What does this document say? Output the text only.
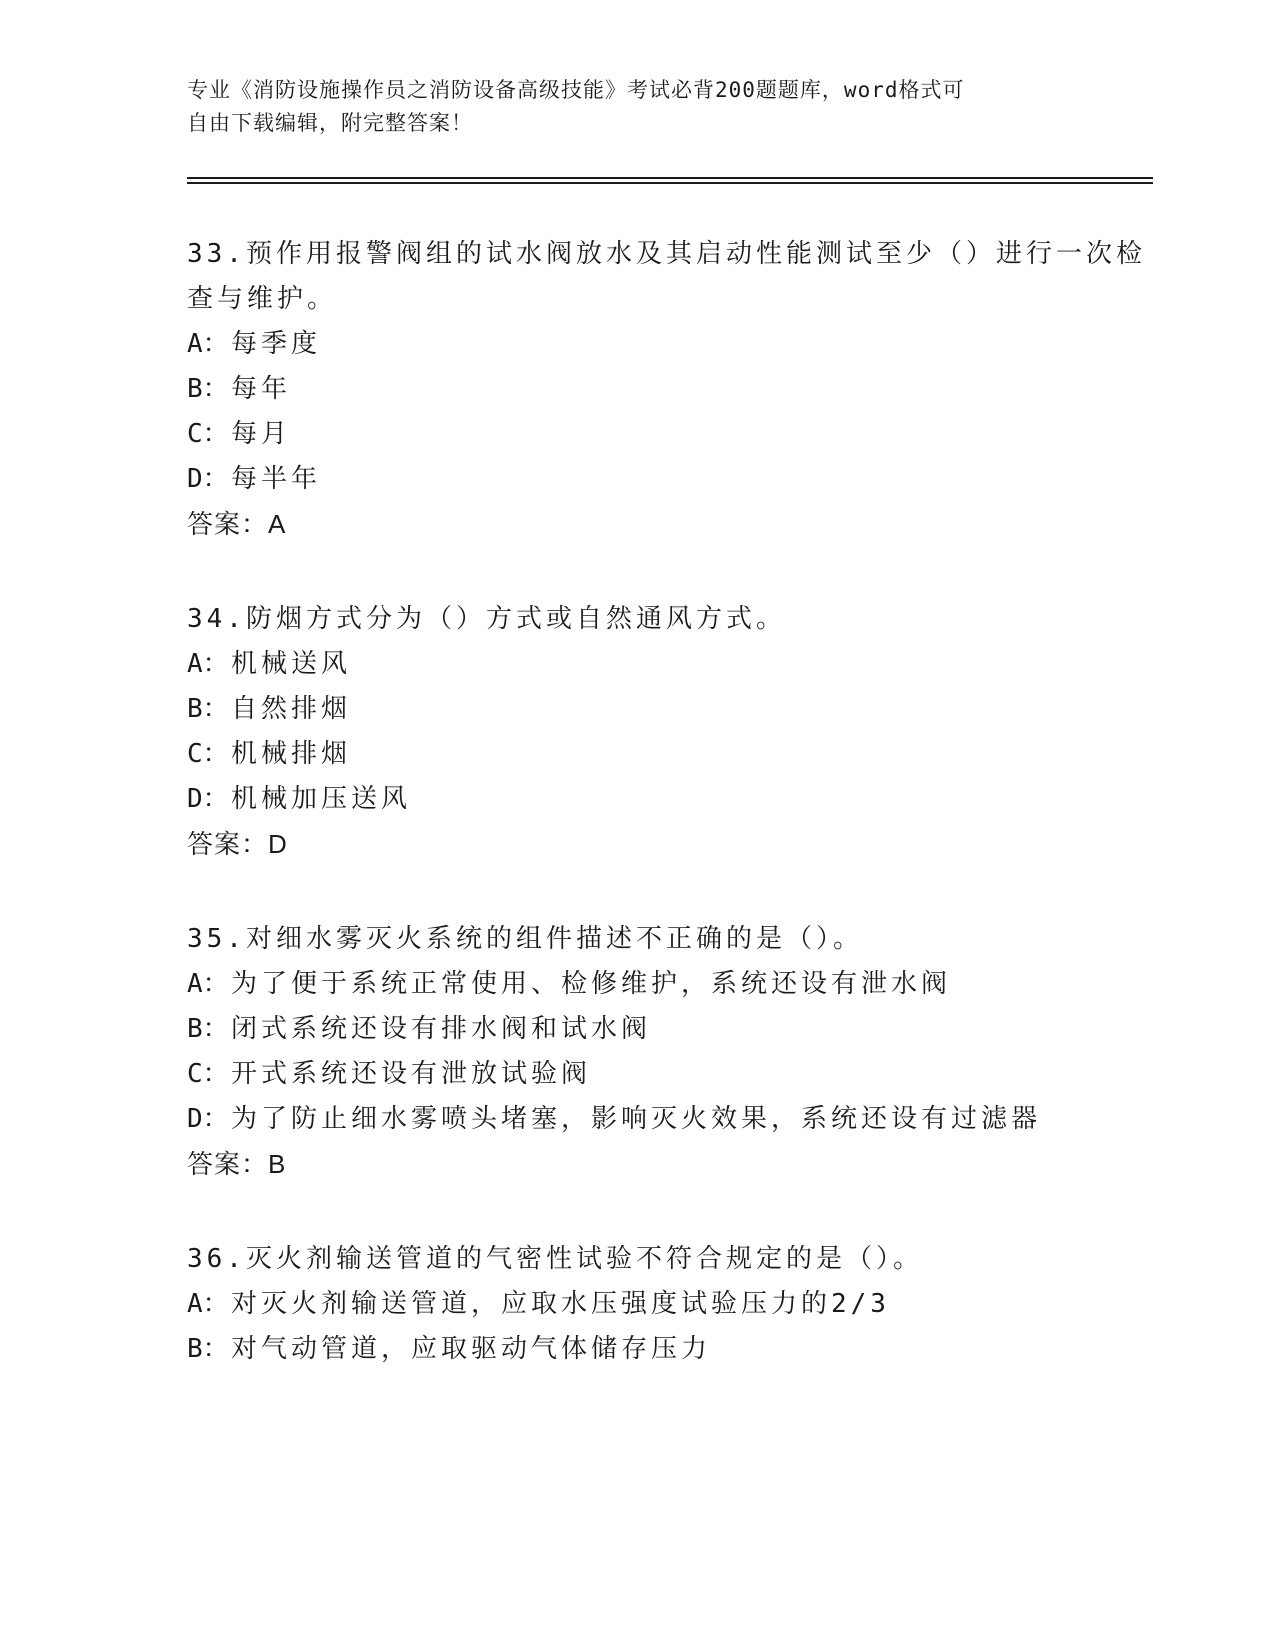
专业《消防设施操作员之消防设备高级技能》考试必背200题题库，word格式可
自由下载编辑，附完整答案！

33.预作用报警阀组的试水阀放水及其启动性能测试至少（）进行一次检查与维护。

A：每季度

B：每年

C：每月

D：每半年

答案：A

34.防烟方式分为（）方式或自然通风方式。

A：机械送风

B：自然排烟

C：机械排烟

D：机械加压送风

答案：D

35.对细水雾灭火系统的组件描述不正确的是（）。

A：为了便于系统正常使用、检修维护，系统还设有泄水阀

B：闭式系统还设有排水阀和试水阀

C：开式系统还设有泄放试验阀

D：为了防止细水雾喷头堵塞，影响灭火效果，系统还设有过滤器

答案：B

36.灭火剂输送管道的气密性试验不符合规定的是（）。

A：对灭火剂输送管道，应取水压强度试验压力的2/3

B：对气动管道，应取驱动气体储存压力
